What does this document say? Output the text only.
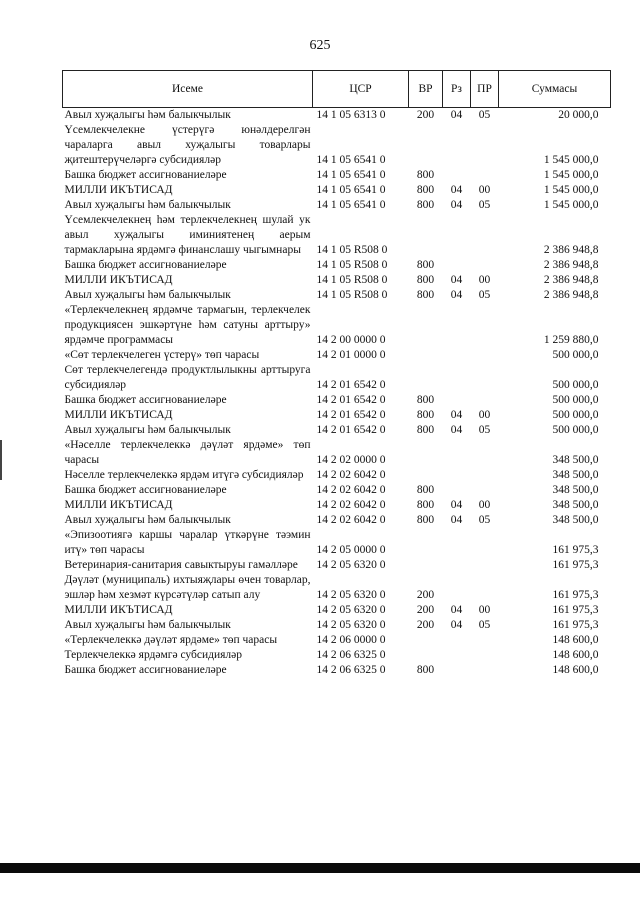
625
Исеме	ЦСР	ВР	Рз	ПР	Суммасы
Авыл хуҗалыгы һәм балыкчылык	14 1 05 6313 0	200	04	05	20 000,0
Үсемлекчелекне үстерүгә юнәлдерелгән чараларга авыл хуҗалыгы товарлары җитештерүчеләргә субсидияләр	14 1 05 6541 0				1 545 000,0
Башка бюджет ассигнованиеләре	14 1 05 6541 0	800			1 545 000,0
МИЛЛИ ИКЪТИСАД	14 1 05 6541 0	800	04	00	1 545 000,0
Авыл хуҗалыгы һәм балыкчылык	14 1 05 6541 0	800	04	05	1 545 000,0
Үсемлекчелекнең һәм терлекчелекнең шулай ук авыл хуҗалыгы иминиятенең аерым тармакларына ярдәмгә финанслашу чыгымнары	14 1 05 R508 0				2 386 948,8
Башка бюджет ассигнованиеләре	14 1 05 R508 0	800			2 386 948,8
МИЛЛИ ИКЪТИСАД	14 1 05 R508 0	800	04	00	2 386 948,8
Авыл хуҗалыгы һәм балыкчылык	14 1 05 R508 0	800	04	05	2 386 948,8
«Терлекчелекнең ярдәмче тармагын, терлекчелек продукциясен эшкәртүне һәм сатуны арттыру» ярдәмче программасы	14 2 00 0000 0				1 259 880,0
«Сөт терлекчелеген үстерү» төп чарасы	14 2 01 0000 0				500 000,0
Сөт терлекчелегендә продуктлылыкны арттыруга субсидияләр	14 2 01 6542 0				500 000,0
Башка бюджет ассигнованиеләре	14 2 01 6542 0	800			500 000,0
МИЛЛИ ИКЪТИСАД	14 2 01 6542 0	800	04	00	500 000,0
Авыл хуҗалыгы һәм балыкчылык	14 2 01 6542 0	800	04	05	500 000,0
«Нәселле терлекчелеккә дәүләт ярдәме» төп чарасы	14 2 02 0000 0				348 500,0
Нәселле терлекчелеккә ярдәм итүгә субсидияләр	14 2 02 6042 0				348 500,0
Башка бюджет ассигнованиеләре	14 2 02 6042 0	800			348 500,0
МИЛЛИ ИКЪТИСАД	14 2 02 6042 0	800	04	00	348 500,0
Авыл хуҗалыгы һәм балыкчылык	14 2 02 6042 0	800	04	05	348 500,0
«Эпизоотиягә каршы чаралар үткәрүне тәэмин итү» төп чарасы	14 2 05 0000 0				161 975,3
Ветеринария-санитария савыктыруы гамәлләре	14 2 05 6320 0				161 975,3
Дәүләт (муниципаль) ихтыяҗлары өчен товарлар, эшләр һәм хезмәт күрсәтүләр сатып алу	14 2 05 6320 0	200			161 975,3
МИЛЛИ ИКЪТИСАД	14 2 05 6320 0	200	04	00	161 975,3
Авыл хуҗалыгы һәм балыкчылык	14 2 05 6320 0	200	04	05	161 975,3
«Терлекчелеккә дәүләт ярдәме» төп чарасы	14 2 06 0000 0				148 600,0
Терлекчелеккә ярдәмгә субсидияләр	14 2 06 6325 0				148 600,0
Башка бюджет ассигнованиеләре	14 2 06 6325 0	800			148 600,0
